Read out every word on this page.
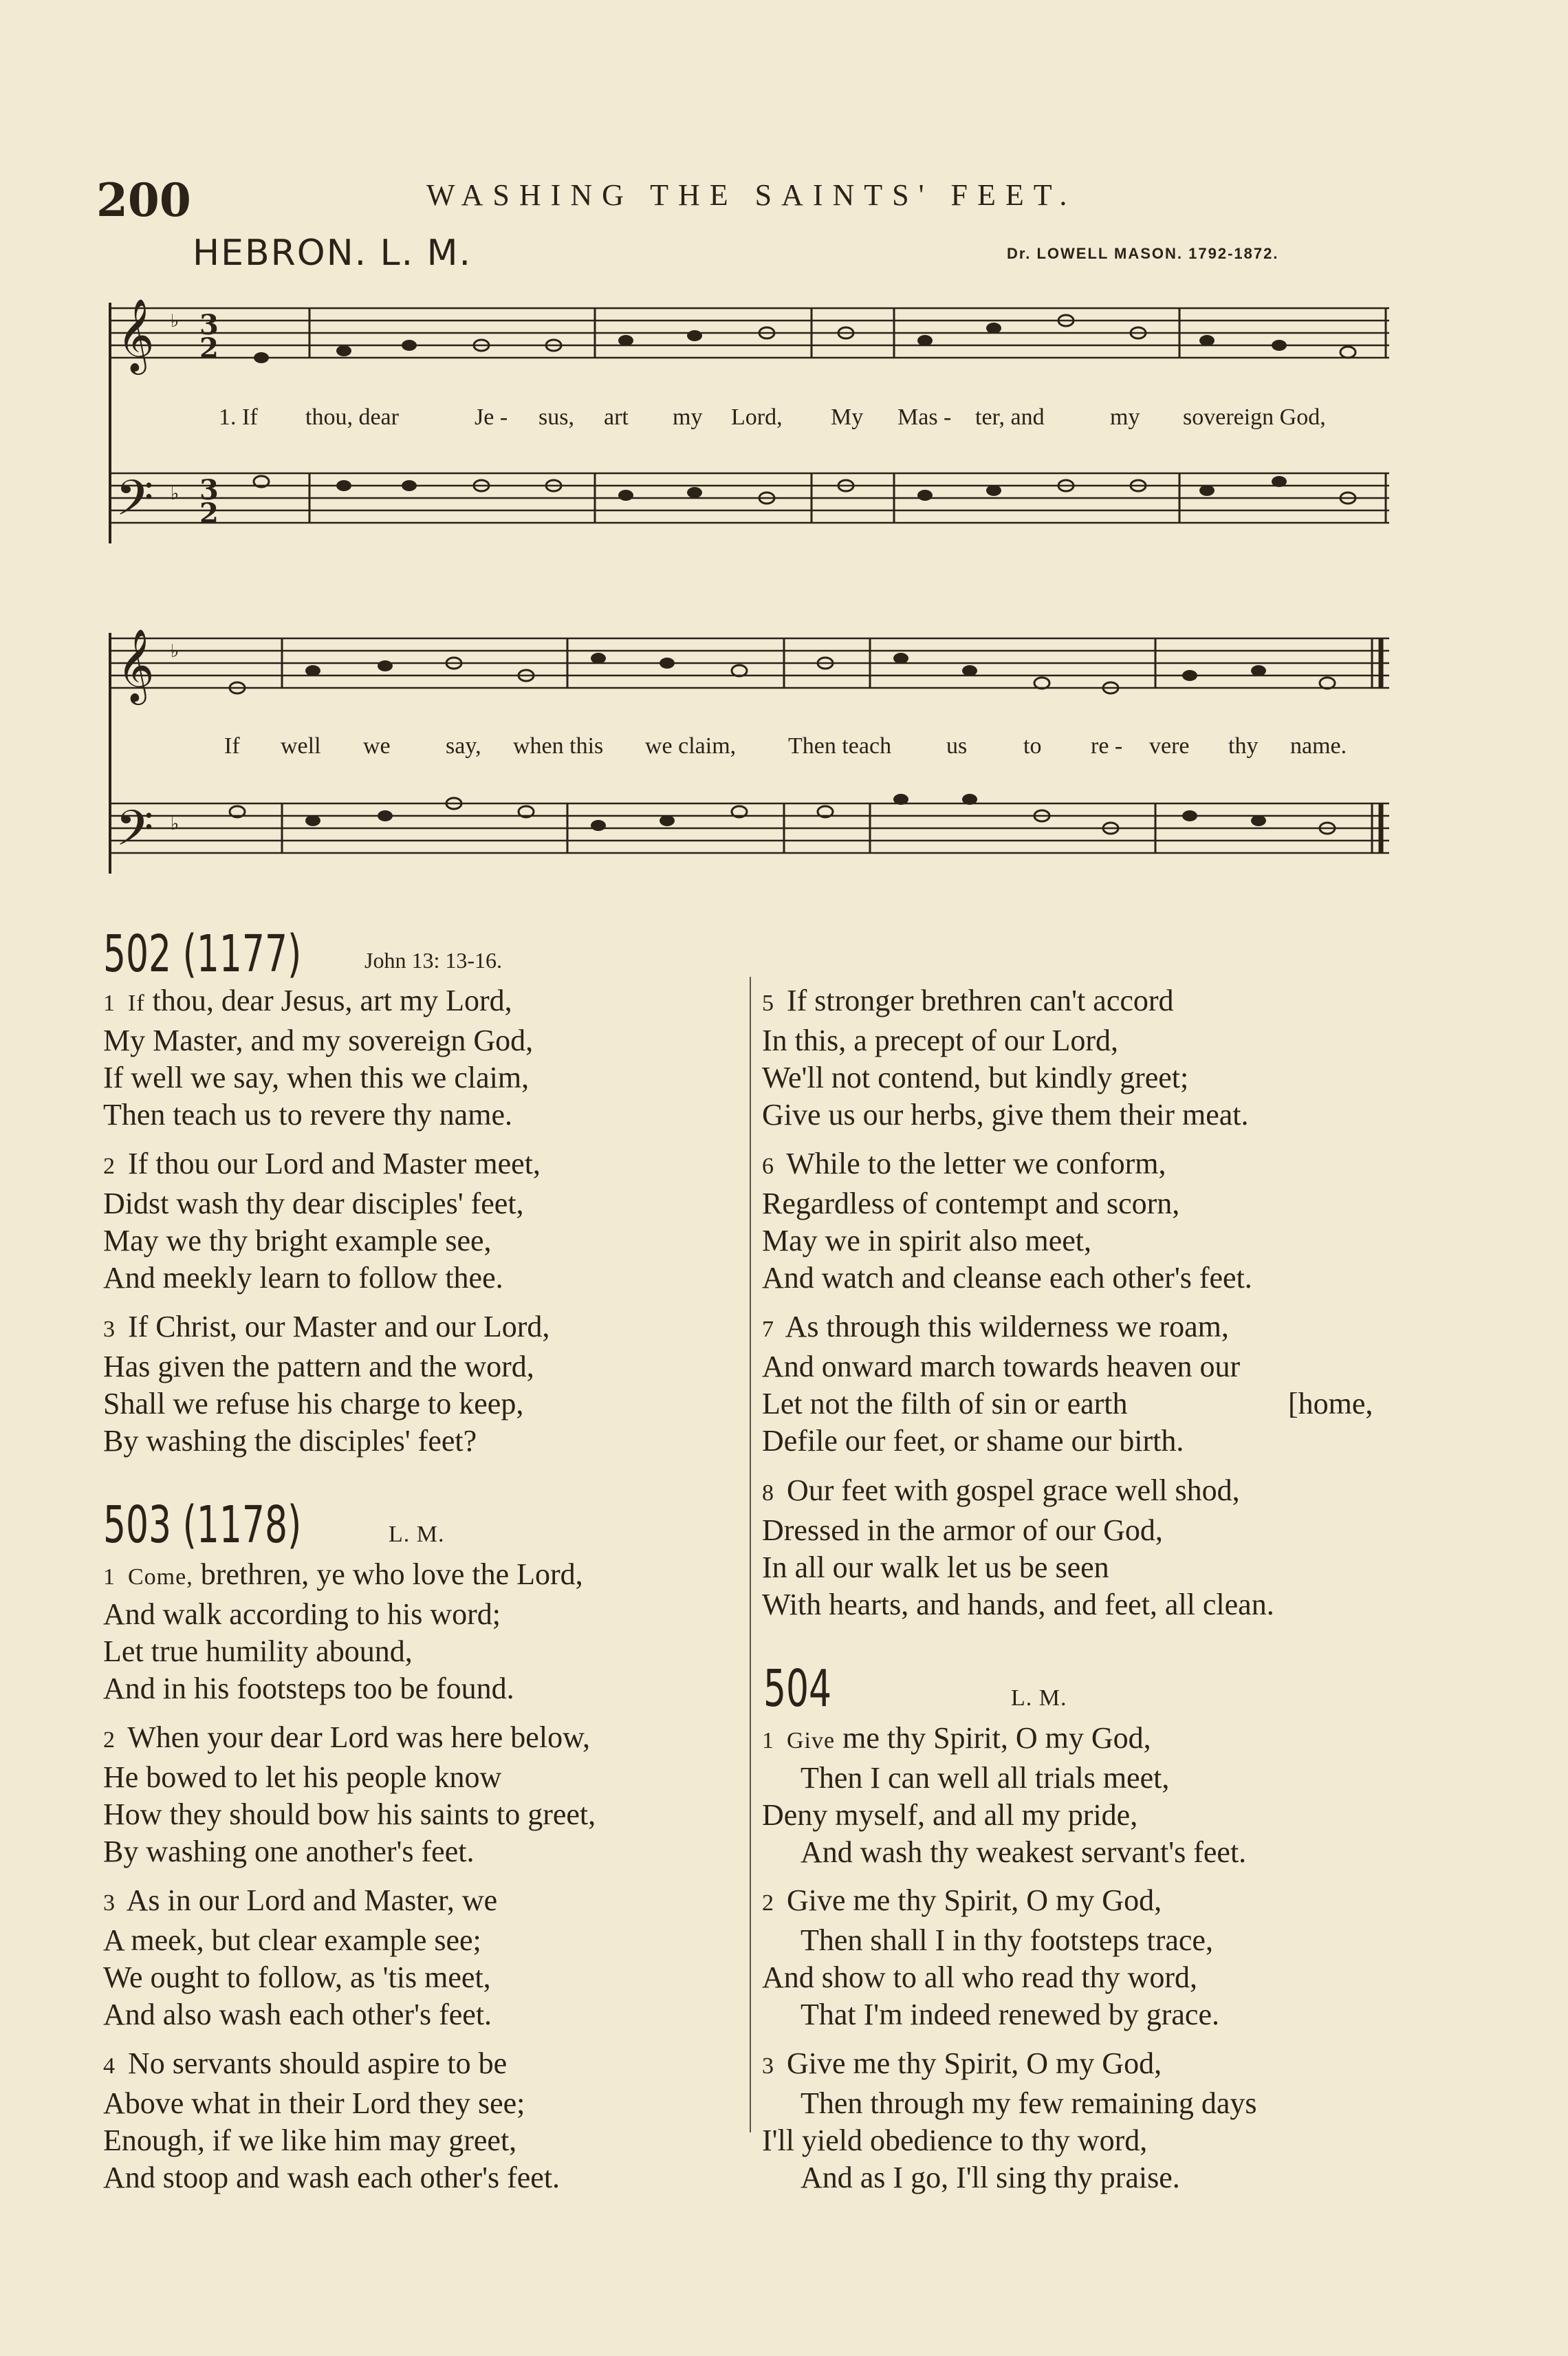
200	WASHING THE SAINTS' FEET.
HEBRON. L. M.	Dr. LOWELL MASON. 1792-1872.
𝄞
𝄢
♭
♭
3
2
3
2
1. If thou, dear	Je - sus, art my Lord, My Mas - ter, and	my sovereign God,
𝄞
𝄢
♭
♭
If well we say, when this we claim, Then teach us to re - vere thy name.
502 (1177)	John 13: 13-16.
1 If thou, dear Jesus, art my Lord,
My Master, and my sovereign God,
If well we say, when this we claim,
Then teach us to revere thy name.
2 If thou our Lord and Master meet,
Didst wash thy dear disciples' feet,
May we thy bright example see,
And meekly learn to follow thee.
3 If Christ, our Master and our Lord,
Has given the pattern and the word,
Shall we refuse his charge to keep,
By washing the disciples' feet?
5 If stronger brethren can't accord
In this, a precept of our Lord,
We'll not contend, but kindly greet;
Give us our herbs, give them their meat.
6 While to the letter we conform,
Regardless of contempt and scorn,
May we in spirit also meet,
And watch and cleanse each other's feet.
7 As through this wilderness we roam,
And onward march towards heaven our
Let not the filth of sin or earth	[home,
Defile our feet, or shame our birth.
8 Our feet with gospel grace well shod,
Dressed in the armor of our God,
In all our walk let us be seen
With hearts, and hands, and feet, all clean.
503 (1178)	L. M.
1 Come, brethren, ye who love the Lord,
And walk according to his word;
Let true humility abound,
And in his footsteps too be found.
2 When your dear Lord was here below,
He bowed to let his people know
How they should bow his saints to greet,
By washing one another's feet.
3 As in our Lord and Master, we
A meek, but clear example see;
We ought to follow, as 'tis meet,
And also wash each other's feet.
4 No servants should aspire to be
Above what in their Lord they see;
Enough, if we like him may greet,
And stoop and wash each other's feet.
504	L. M.
1 Give me thy Spirit, O my God,
Then I can well all trials meet,
Deny myself, and all my pride,
And wash thy weakest servant's feet.
2 Give me thy Spirit, O my God,
Then shall I in thy footsteps trace,
And show to all who read thy word,
That I'm indeed renewed by grace.
3 Give me thy Spirit, O my God,
Then through my few remaining days
I'll yield obedience to thy word,
And as I go, I'll sing thy praise.
